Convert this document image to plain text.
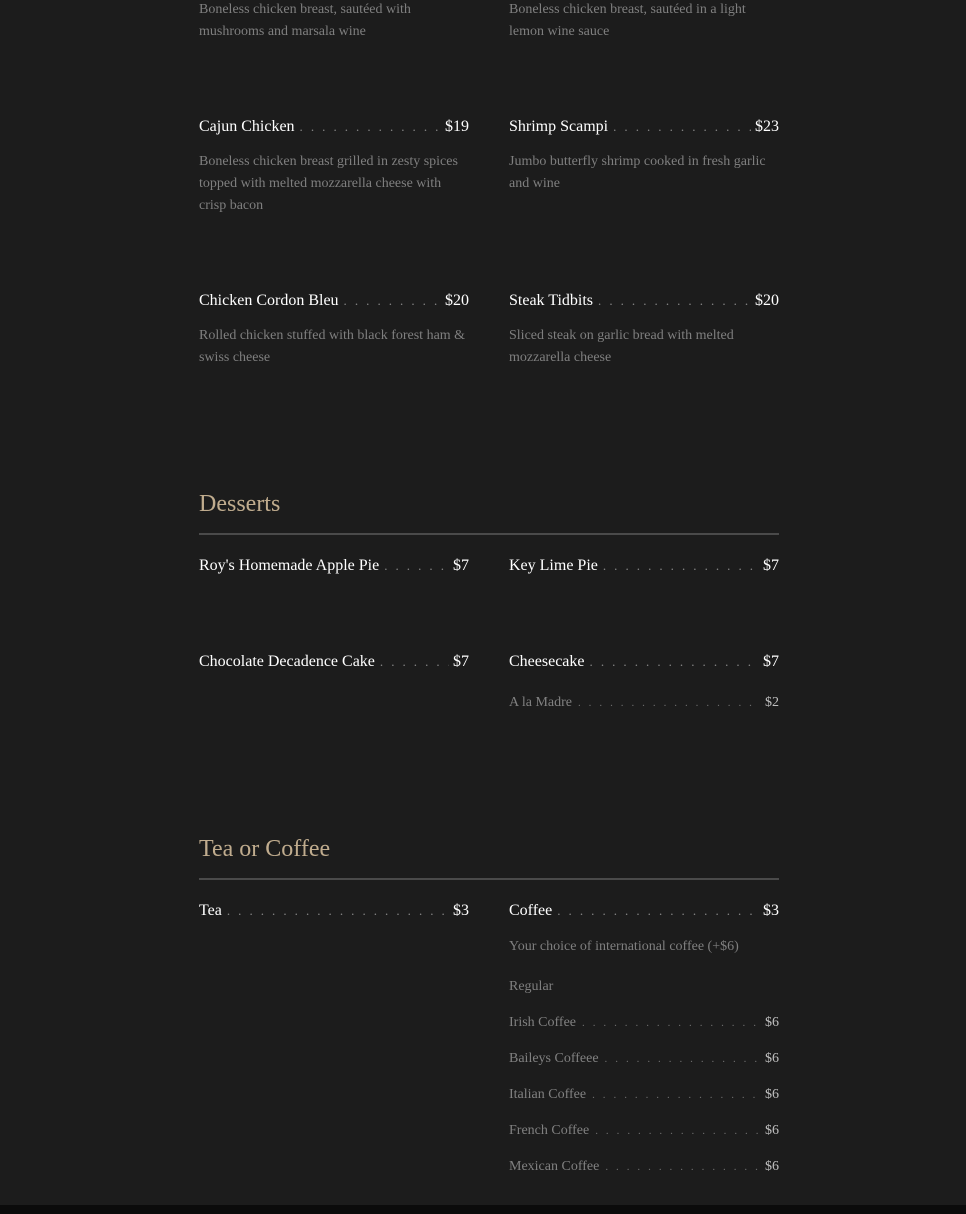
Boneless chicken breast, sautéed with mushrooms and marsala wine
Boneless chicken breast, sautéed in a light lemon wine sauce
Cajun Chicken . . .	$19
Boneless chicken breast grilled in zesty spices topped with melted mozzarella cheese with crisp bacon
Shrimp Scampi . . .	$23
Jumbo butterfly shrimp cooked in fresh garlic and wine
Chicken Cordon Bleu . . .	$20
Rolled chicken stuffed with black forest ham & swiss cheese
Steak Tidbits . . .	$20
Sliced steak on garlic bread with melted mozzarella cheese
Desserts
Roy's Homemade Apple Pie . . .	$7	Key Lime Pie . . .	$7
Chocolate Decadence Cake . . .	$7	Cheesecake . . .	$7
A la Madre . . .	$2
Tea or Coffee
Tea . . .	$3	Coffee . . .	$3
Your choice of international coffee (+$6)
Regular
Irish Coffee . . .	$6
Baileys Coffeee . . .	$6
Italian Coffee . . .	$6
French Coffee . . .	$6
Mexican Coffee . . .	$6
